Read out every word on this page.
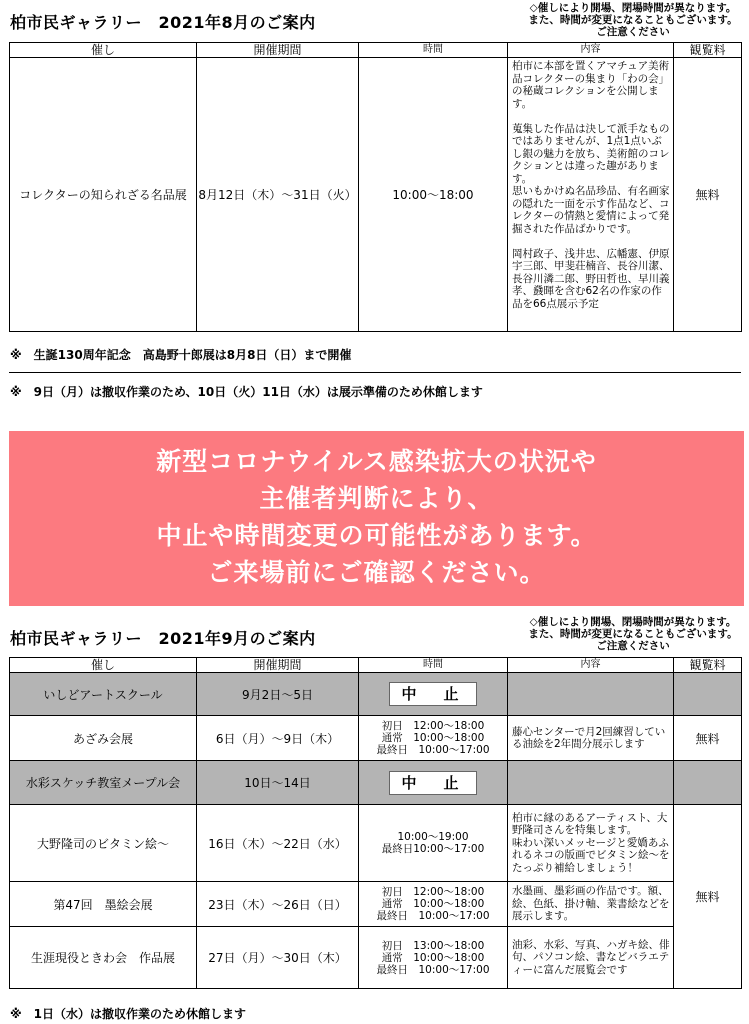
柏市民ギャラリー　2021年8月のご案内
◇催しにより開場、閉場時間が異なります。
また、時間が変更になることもございます。
ご注意ください
催し	開催期間	時間	内容	観覧料
コレクターの知られざる名品展	8月12日（木）～31日（火）	10:00～18:00	柏市に本部を置くアマチュア美術品コレクターの集まり「わの会」の秘蔵コレクションを公開します。

蒐集した作品は決して派手なものではありませんが、1点1点いぶし銀の魅力を放ち、美術館のコレクションとは違った趣があります。
思いもかけぬ名品珍品、有名画家の隠れた一面を示す作品など、コレクターの情熱と愛情によって発掘された作品ばかりです。

岡村政子、浅井忠、広幡憲、伊原宇三郎、甲斐荘楠音、長谷川潔、長谷川潾二郎、野田哲也、早川義孝、鼗暉を含む62名の作家の作品を66点展示予定	無料
※　生誕130周年記念　高島野十郎展は8月8日（日）まで開催
※　9日（月）は撤収作業のため、10日（火）11日（水）は展示準備のため休館します
新型コロナウイルス感染拡大の状況や
主催者判断により、
中止や時間変更の可能性があります。
ご来場前にご確認ください。
柏市民ギャラリー　2021年9月のご案内
◇催しにより開場、閉場時間が異なります。
また、時間が変更になることもございます。
ご注意ください
催し	開催期間	時間	内容	観覧料
いしどアートスクール	9月2日～5日	中　止		
あざみ会展	6日（月）～9日（木）	初日　12:00～18:00
通常　10:00～18:00
最終日　10:00～17:00	藤心センターで月2回練習している油絵を2年間分展示します	無料
水彩スケッチ教室メープル会	10日～14日	中　止		
大野隆司のビタミン絵～	16日（木）～22日（水）	10:00～19:00
最終日10:00～17:00	柏市に縁のあるアーティスト、大野隆司さんを特集します。
味わい深いメッセージと愛嬌あふれるネコの版画でビタミン絵～をたっぷり補給しましょう！	無料
第47回　墨絵会展	23日（木）～26日（日）	初日　12:00～18:00
通常　10:00～18:00
最終日　10:00～17:00	水墨画、墨彩画の作品です。額、絵、色紙、掛け軸、業書絵などを展示します。	
生涯現役ときわ会　作品展	27日（月）～30日（木）	初日　13:00～18:00
通常　10:00～18:00
最終日　10:00～17:00	油彩、水彩、写真、ハガキ絵、俳句、パソコン絵、書などバラエティーに富んだ展覧会です	
※　1日（水）は撤収作業のため休館します
